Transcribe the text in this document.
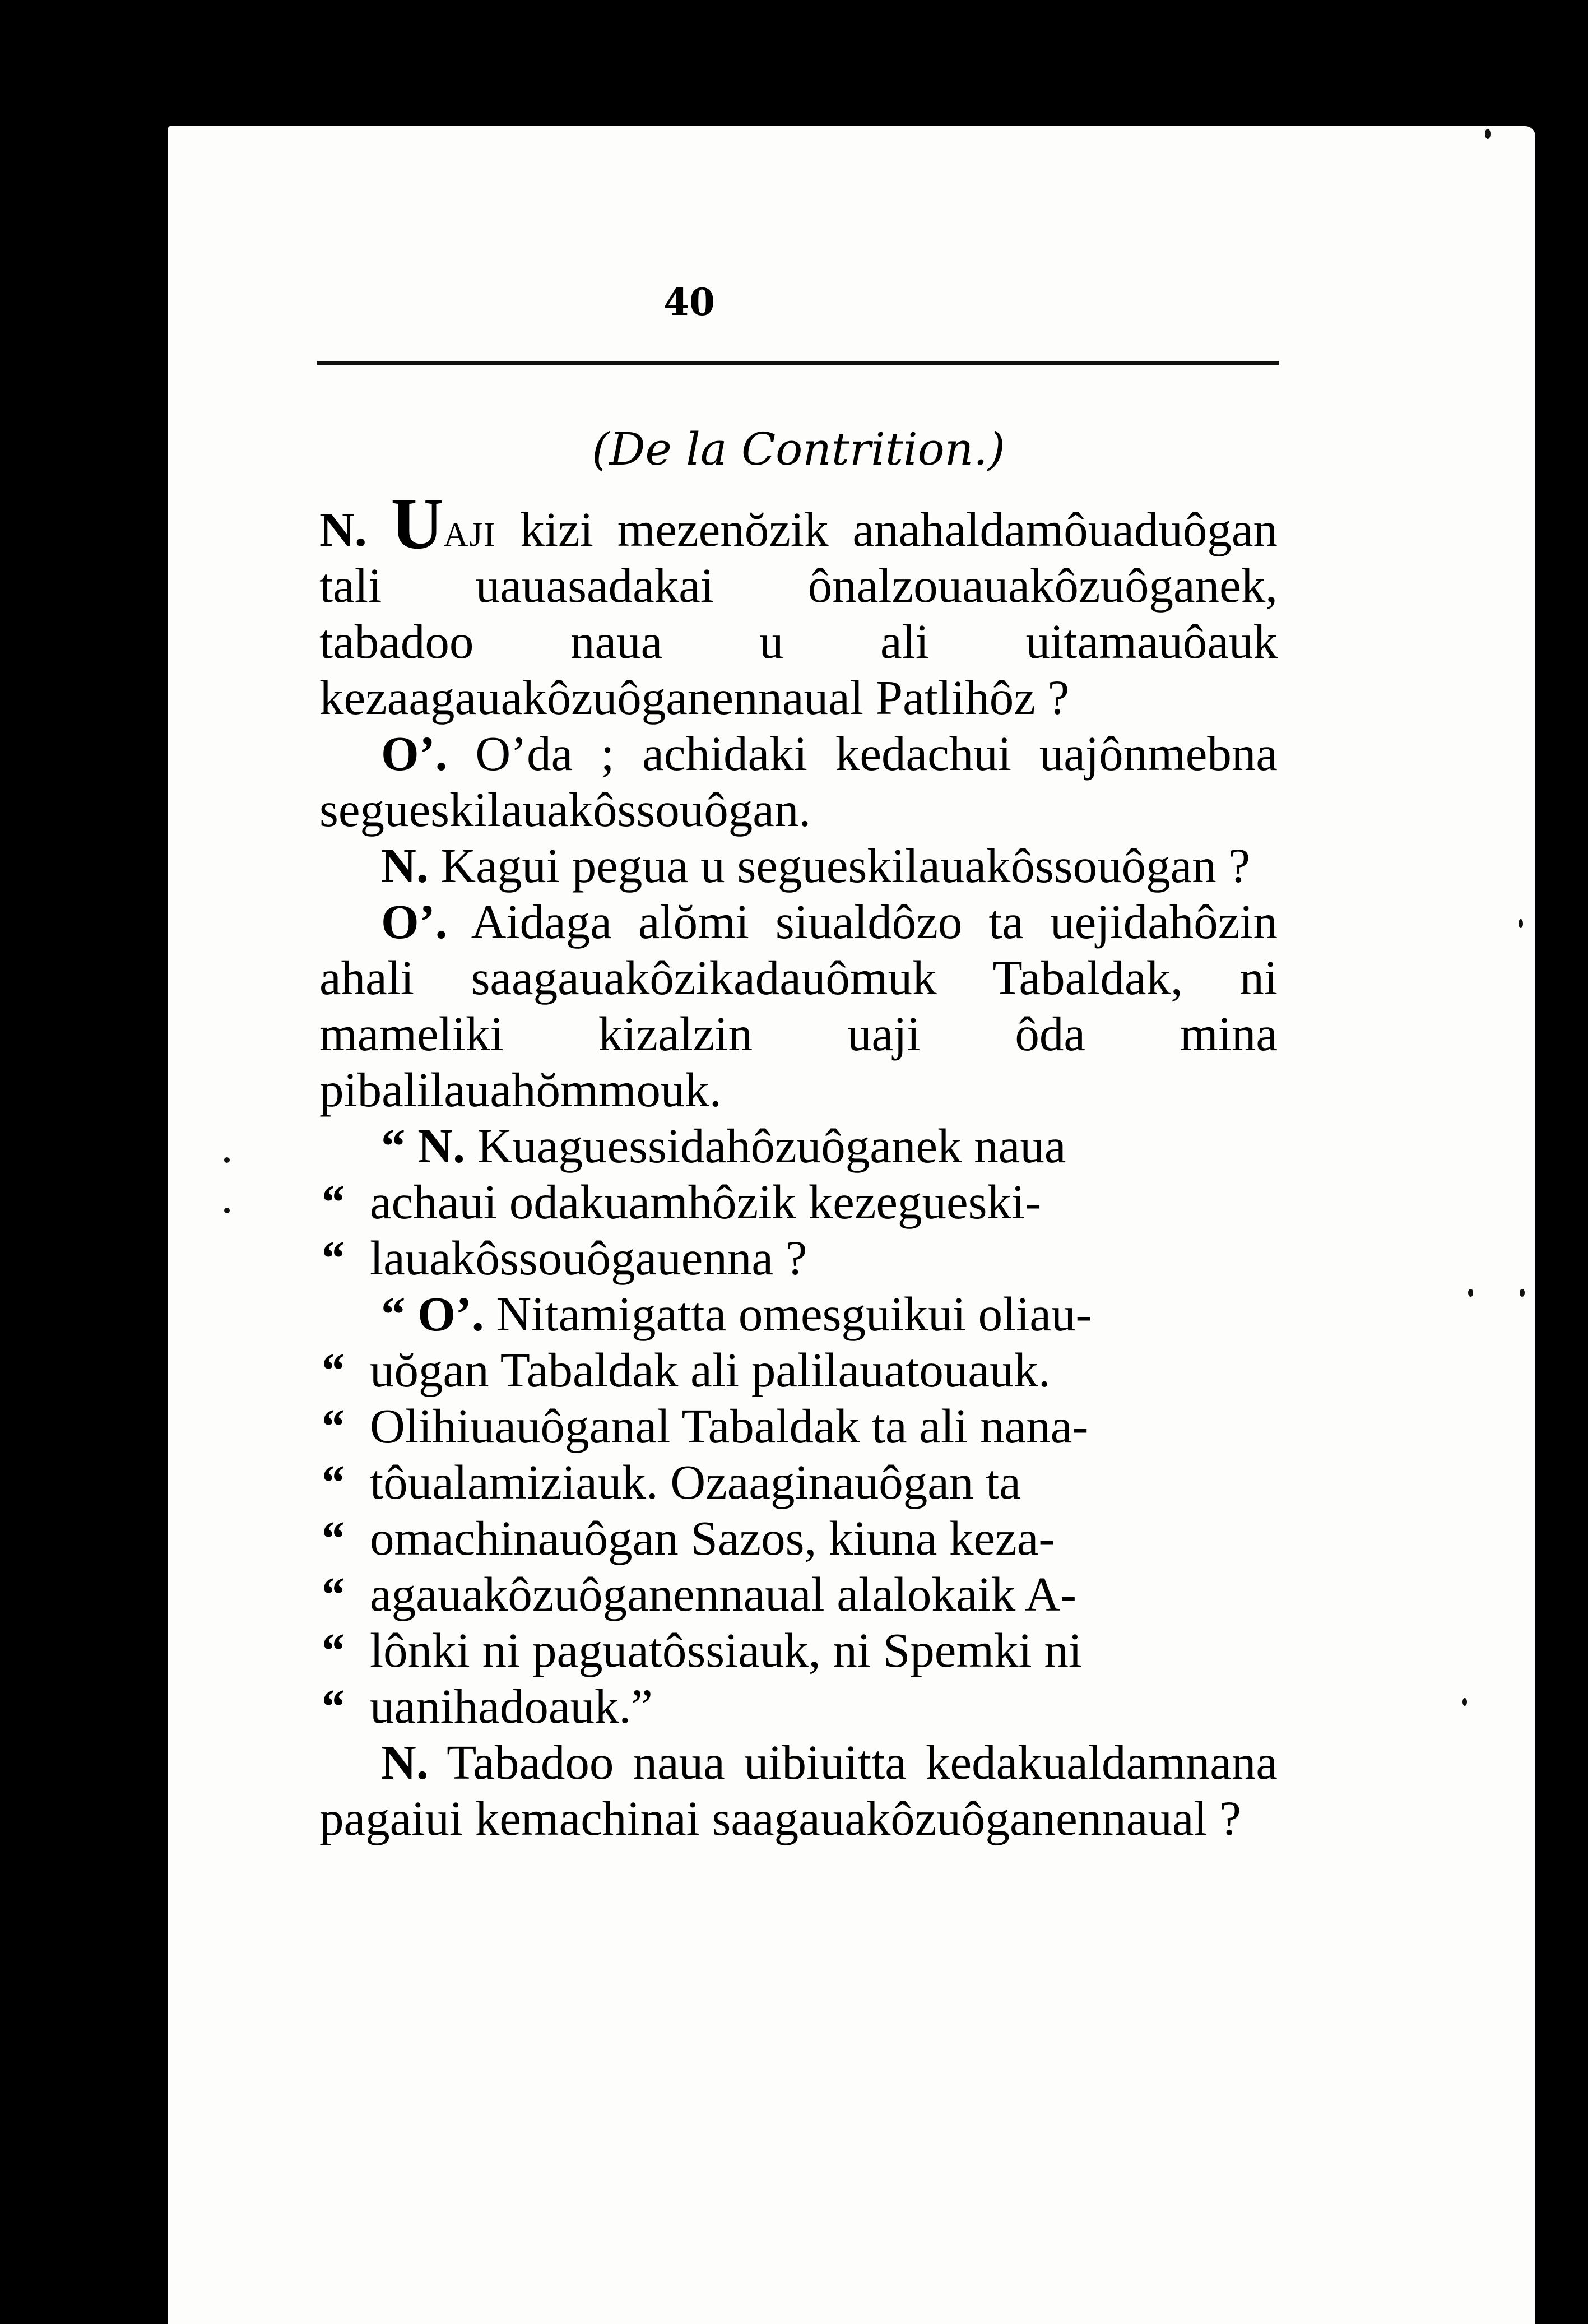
40
(De la Contrition.)

N. Uaji kizi mezenŏzik anahaldamôuaduôgan tali uauasadakai ônalzouauakôzuôganek, tabadoo naua u ali uitamauôauk kezaagauakôzuôganennaual Patlihôz ?

O’. O’da ; achidaki kedachui uajônmebna segueskilauakôssouôgan.

N. Kagui pegua u segueskilauakôssouôgan ?

O’. Aidaga alŏmi siualdôzo ta uejidahôzin ahali saagauakôzikadauômuk Tabaldak, ni mameliki kizalzin uaji ôda mina pibalilauahŏmmouk.

“ N. Kuaguessidahôzuôganek naua

“ achaui odakuamhôzik kezegueski-

“ lauakôssouôgauenna ?

“ O’. Nitamigatta omesguikui oliau-

“ uŏgan Tabaldak ali palilauatouauk.

“ Olihiuauôganal Tabaldak ta ali nana-

“ tôualamiziauk. Ozaaginauôgan ta

“ omachinauôgan Sazos, kiuna keza-

“ agauakôzuôganennaual alalokaik A-

“ lônki ni paguatôssiauk, ni Spemki ni

“ uanihadoauk.”

N. Tabadoo naua uibiuitta kedakualdamnana pagaiui kemachinai saagauakôzuôganennaual ?
